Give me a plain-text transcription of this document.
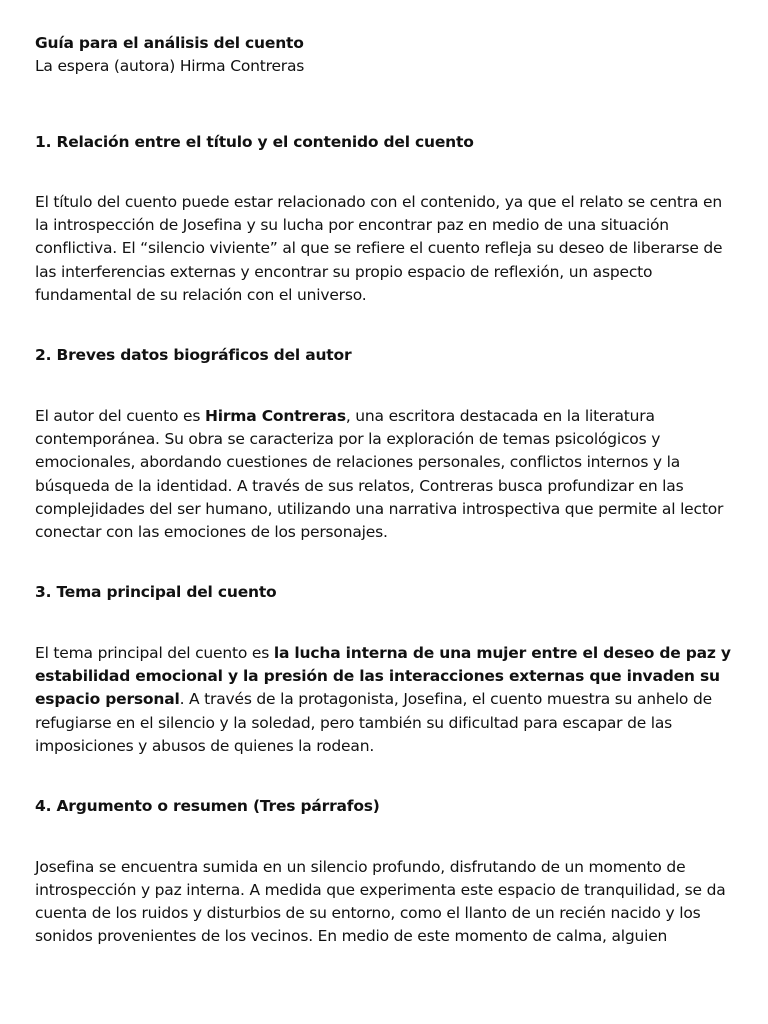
Guía para el análisis del cuento

La espera (autora) Hirma Contreras

1. Relación entre el título y el contenido del cuento

El título del cuento puede estar relacionado con el contenido, ya que el relato se centra en la introspección de Josefina y su lucha por encontrar paz en medio de una situación conflictiva. El “silencio viviente” al que se refiere el cuento refleja su deseo de liberarse de las interferencias externas y encontrar su propio espacio de reflexión, un aspecto fundamental de su relación con el universo.

2. Breves datos biográficos del autor

El autor del cuento es Hirma Contreras, una escritora destacada en la literatura contemporánea. Su obra se caracteriza por la exploración de temas psicológicos y emocionales, abordando cuestiones de relaciones personales, conflictos internos y la búsqueda de la identidad. A través de sus relatos, Contreras busca profundizar en las complejidades del ser humano, utilizando una narrativa introspectiva que permite al lector conectar con las emociones de los personajes.

3. Tema principal del cuento

El tema principal del cuento es la lucha interna de una mujer entre el deseo de paz y estabilidad emocional y la presión de las interacciones externas que invaden su espacio personal. A través de la protagonista, Josefina, el cuento muestra su anhelo de refugiarse en el silencio y la soledad, pero también su dificultad para escapar de las imposiciones y abusos de quienes la rodean.

4. Argumento o resumen (Tres párrafos)

Josefina se encuentra sumida en un silencio profundo, disfrutando de un momento de introspección y paz interna. A medida que experimenta este espacio de tranquilidad, se da cuenta de los ruidos y disturbios de su entorno, como el llanto de un recién nacido y los sonidos provenientes de los vecinos. En medio de este momento de calma, alguien
